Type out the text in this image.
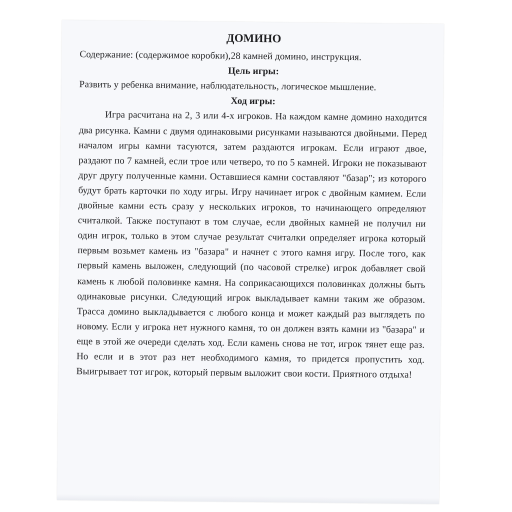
ДОМИНО

Содержание: (содержимое коробки),28 камней домино, инструкция.

Цель игры:

Развить у ребенка внимание, наблюдательность, логическое мышление.

Ход игры:

Игра расчитана на 2, 3 или 4-х игроков. На каждом камне домино находится два рисунка. Камни с двумя одинаковыми рисунками называются двойными. Перед началом игры камни тасуются, затем раздаются игрокам. Если играют двое, раздают по 7 камней, если трое или четверо, то по 5 камней. Игроки не показывают друг другу полученные камни. Оставшиеся камни составляют "базар"; из которого будут брать карточки по ходу игры. Игру начинает игрок с двойным камием. Если двойные камни есть сразу у нескольких игроков, то начинающего определяют считалкой. Также поступают в том случае, если двойных камней не получил ни один игрок, только в этом случае результат считалки определяет игрока который первым возьмет камень из "базара" и начнет с этого камня игру. После того, как первый камень выложен, следующий (по часовой стрелке) игрок добавляет свой камень к любой половинке камня. На соприкасающихся половинках должны быть одинаковые рисунки. Следующий игрок выкладывает камни таким же образом. Трасса домино выкладывается с любого конца и может каждый раз выглядеть по новому. Если у игрока нет нужного камня, то он должен взять камни из "базара" и еще в этой же очереди сделать ход. Если камень снова не тот, игрок тянет еще раз. Но если и в этот раз нет необходимого камня, то придется пропустить ход. Выигрывает тот игрок, который первым выложит свои кости. Приятного отдыха!
